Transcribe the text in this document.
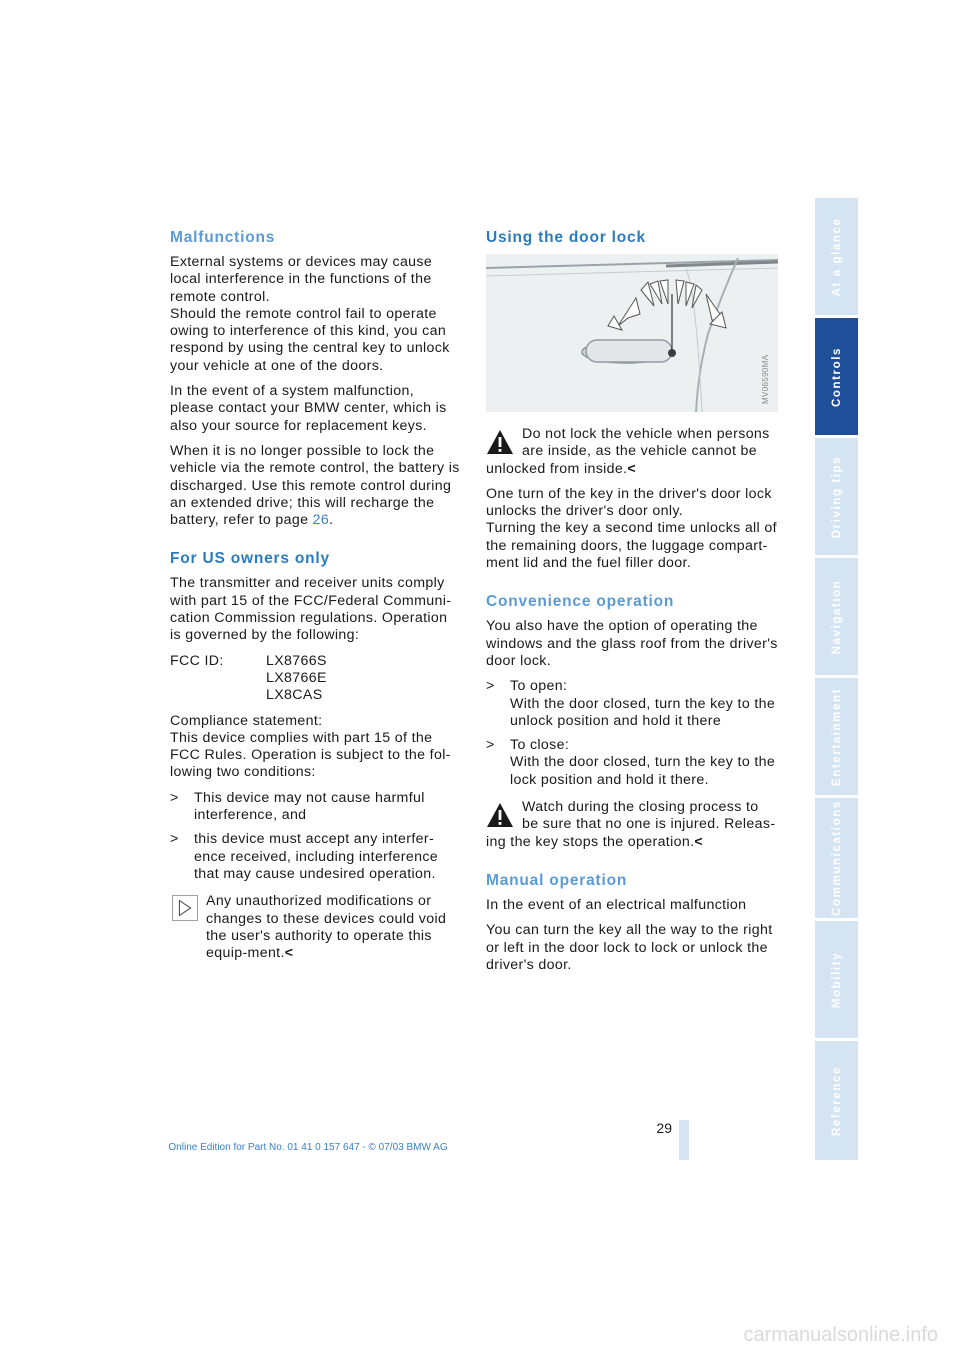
Malfunctions

External systems or devices may cause local interference in the functions of the remote control.

Should the remote control fail to operate owing to interference of this kind, you can respond by using the central key to unlock your vehicle at one of the doors.

In the event of a system malfunction, please contact your BMW center, which is also your source for replacement keys.

When it is no longer possible to lock the vehicle via the remote control, the battery is discharged. Use this remote control during an extended drive; this will recharge the battery, refer to page 26.

For US owners only

The transmitter and receiver units comply with part 15 of the FCC/Federal Communi-cation Commission regulations. Operation is governed by the following:

FCC ID:	LX8766S
LX8766E
LX8CAS

Compliance statement:
This device complies with part 15 of the FCC Rules. Operation is subject to the fol-lowing two conditions:

>	This device may not cause harmful interference, and
>	this device must accept any interfer-ence received, including interference that may cause undesired operation.
Any unauthorized modifications or
changes to these devices could void the user's authority to operate this equip-ment.<
Using the door lock
MV06590MA
Do not lock the vehicle when persons
are inside, as the vehicle cannot be unlocked from inside.<

One turn of the key in the driver's door lock unlocks the driver's door only.
Turning the key a second time unlocks all of the remaining doors, the luggage compart-ment lid and the fuel filler door.

Convenience operation

You also have the option of operating the windows and the glass roof from the driver's door lock.

>	To open:
With the door closed, turn the key to the unlock position and hold it there
>	To close:
With the door closed, turn the key to the lock position and hold it there.
Watch during the closing process to
be sure that no one is injured. Releas-ing the key stops the operation.<
Manual operation

In the event of an electrical malfunction

You can turn the key all the way to the right or left in the door lock to lock or unlock the driver's door.

At a glance
Controls
Driving tips
Navigation
Entertainment
Communications
Mobility
Reference
29
Online Edition for Part No. 01 41 0 157 647 - © 07/03 BMW AG
carmanualsonline.info
